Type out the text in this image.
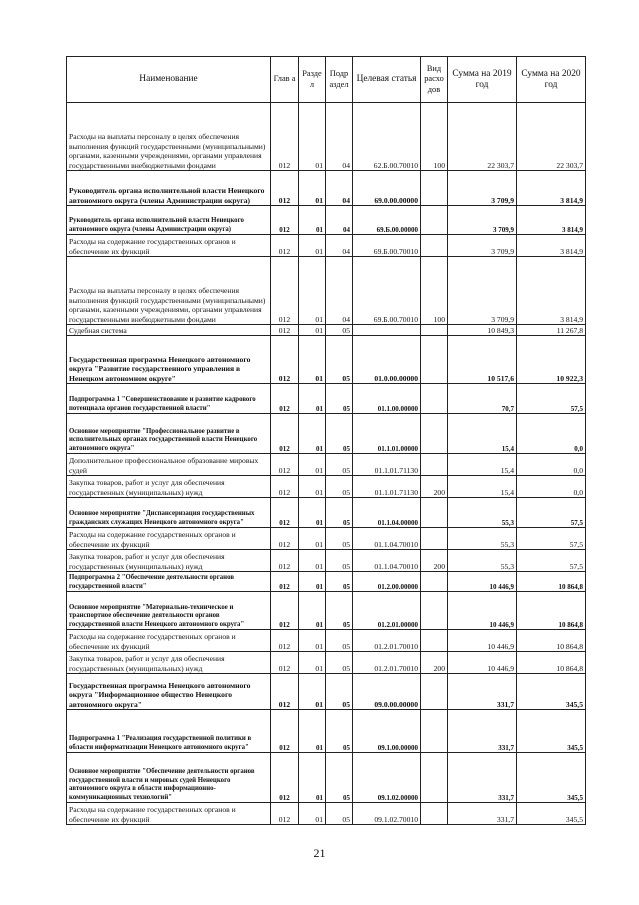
Наименование	Глав а	Разде л	Подр аздел	Целевая статья	Вид расхо дов	Сумма на 2019 год	Сумма на 2020 год
Расходы на выплаты персоналу в целях обеспечения выполнения функций государственными (муниципальными) органами, казенными учреждениями, органами управления государственными внебюджетными фондами	012	01	04	62.Б.00.70010	100	22 303,7	22 303,7
Руководитель органа исполнительной власти Ненецкого автономного округа (члены Администрации округа)	012	01	04	69.0.00.00000		3 709,9	3 814,9
Руководитель органа исполнительной власти Ненецкого автономного округа (члены Администрации округа)	012	01	04	69.Б.00.00000		3 709,9	3 814,9
Расходы на содержание государственных органов и обеспечение их функций	012	01	04	69.Б.00.70010		3 709,9	3 814,9
Расходы на выплаты персоналу в целях обеспечения выполнения функций государственными (муниципальными) органами, казенными учреждениями, органами управления государственными внебюджетными фондами	012	01	04	69.Б.00.70010	100	3 709,9	3 814,9
Судебная система	012	01	05			10 849,3	11 267,8
Государственная программа Ненецкого автономного округа "Развитие государственного управления в Ненецком автономном округе"	012	01	05	01.0.00.00000		10 517,6	10 922,3
Подпрограмма 1 "Совершенствование и развитие кадрового потенциала органов государственной власти"	012	01	05	01.1.00.00000		70,7	57,5
Основное мероприятие "Профессиональное развитие в исполнительных органах государственной власти Ненецкого автономного округа"	012	01	05	01.1.01.00000		15,4	0,0
Дополнительное профессиональное образование мировых судей	012	01	05	01.1.01.71130		15,4	0,0
Закупка товаров, работ и услуг для обеспечения государственных (муниципальных) нужд	012	01	05	01.1.01.71130	200	15,4	0,0
Основное мероприятие "Диспансеризация государственных гражданских служащих Ненецкого автономного округа"	012	01	05	01.1.04.00000		55,3	57,5
Расходы на содержание государственных органов и обеспечение их функций	012	01	05	01.1.04.70010		55,3	57,5
Закупка товаров, работ и услуг для обеспечения государственных (муниципальных) нужд	012	01	05	01.1.04.70010	200	55,3	57,5
Подпрограмма 2 "Обеспечение деятельности органов государственной власти"	012	01	05	01.2.00.00000		10 446,9	10 864,8
Основное мероприятие "Материально-техническое и транспортное обеспечение деятельности органов государственной власти Ненецкого автономного округа"	012	01	05	01.2.01.00000		10 446,9	10 864,8
Расходы на содержание государственных органов и обеспечение их функций	012	01	05	01.2.01.70010		10 446,9	10 864,8
Закупка товаров, работ и услуг для обеспечения государственных (муниципальных) нужд	012	01	05	01.2.01.70010	200	10 446,9	10 864,8
Государственная программа Ненецкого автономного округа "Информационное общество Ненецкого автономного округа"	012	01	05	09.0.00.00000		331,7	345,5
Подпрограмма 1 "Реализация государственной политики в области информатизации Ненецкого автономного округа"	012	01	05	09.1.00.00000		331,7	345,5
Основное мероприятие "Обеспечение деятельности органов государственной власти и мировых судей Ненецкого автономного округа в области информационно-коммуникационных технологий"	012	01	05	09.1.02.00000		331,7	345,5
Расходы на содержание государственных органов и обеспечение их функций	012	01	05	09.1.02.70010		331,7	345,5
21
